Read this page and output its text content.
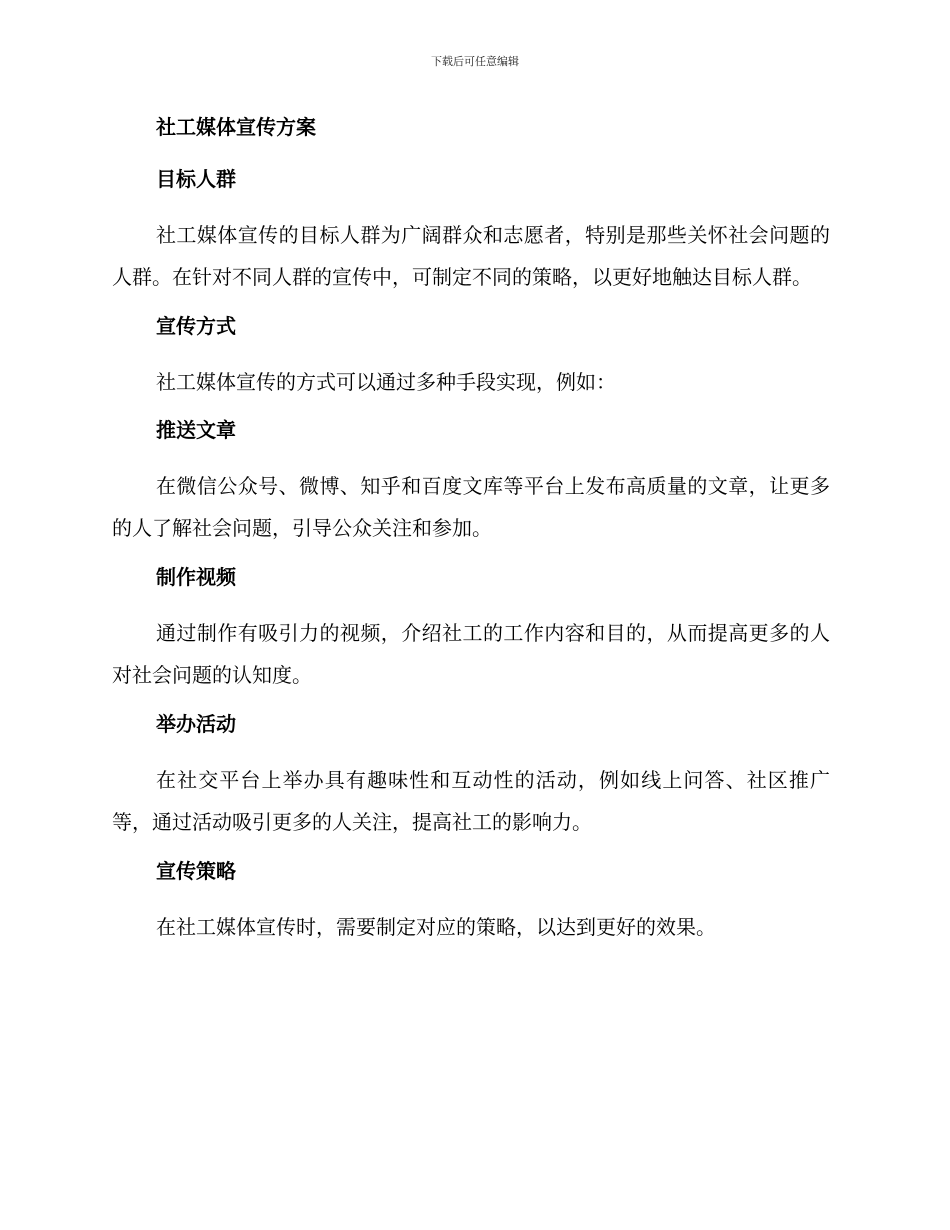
下载后可任意编辑
社工媒体宣传方案
目标人群

社工媒体宣传的目标人群为广阔群众和志愿者，特别是那些关怀社会问题的人群。在针对不同人群的宣传中，可制定不同的策略，以更好地触达目标人群。

宣传方式

社工媒体宣传的方式可以通过多种手段实现，例如：

推送文章

在微信公众号、微博、知乎和百度文库等平台上发布高质量的文章，让更多的人了解社会问题，引导公众关注和参加。

制作视频

通过制作有吸引力的视频，介绍社工的工作内容和目的，从而提高更多的人对社会问题的认知度。

举办活动

在社交平台上举办具有趣味性和互动性的活动，例如线上问答、社区推广等，通过活动吸引更多的人关注，提高社工的影响力。

宣传策略

在社工媒体宣传时，需要制定对应的策略，以达到更好的效果。
